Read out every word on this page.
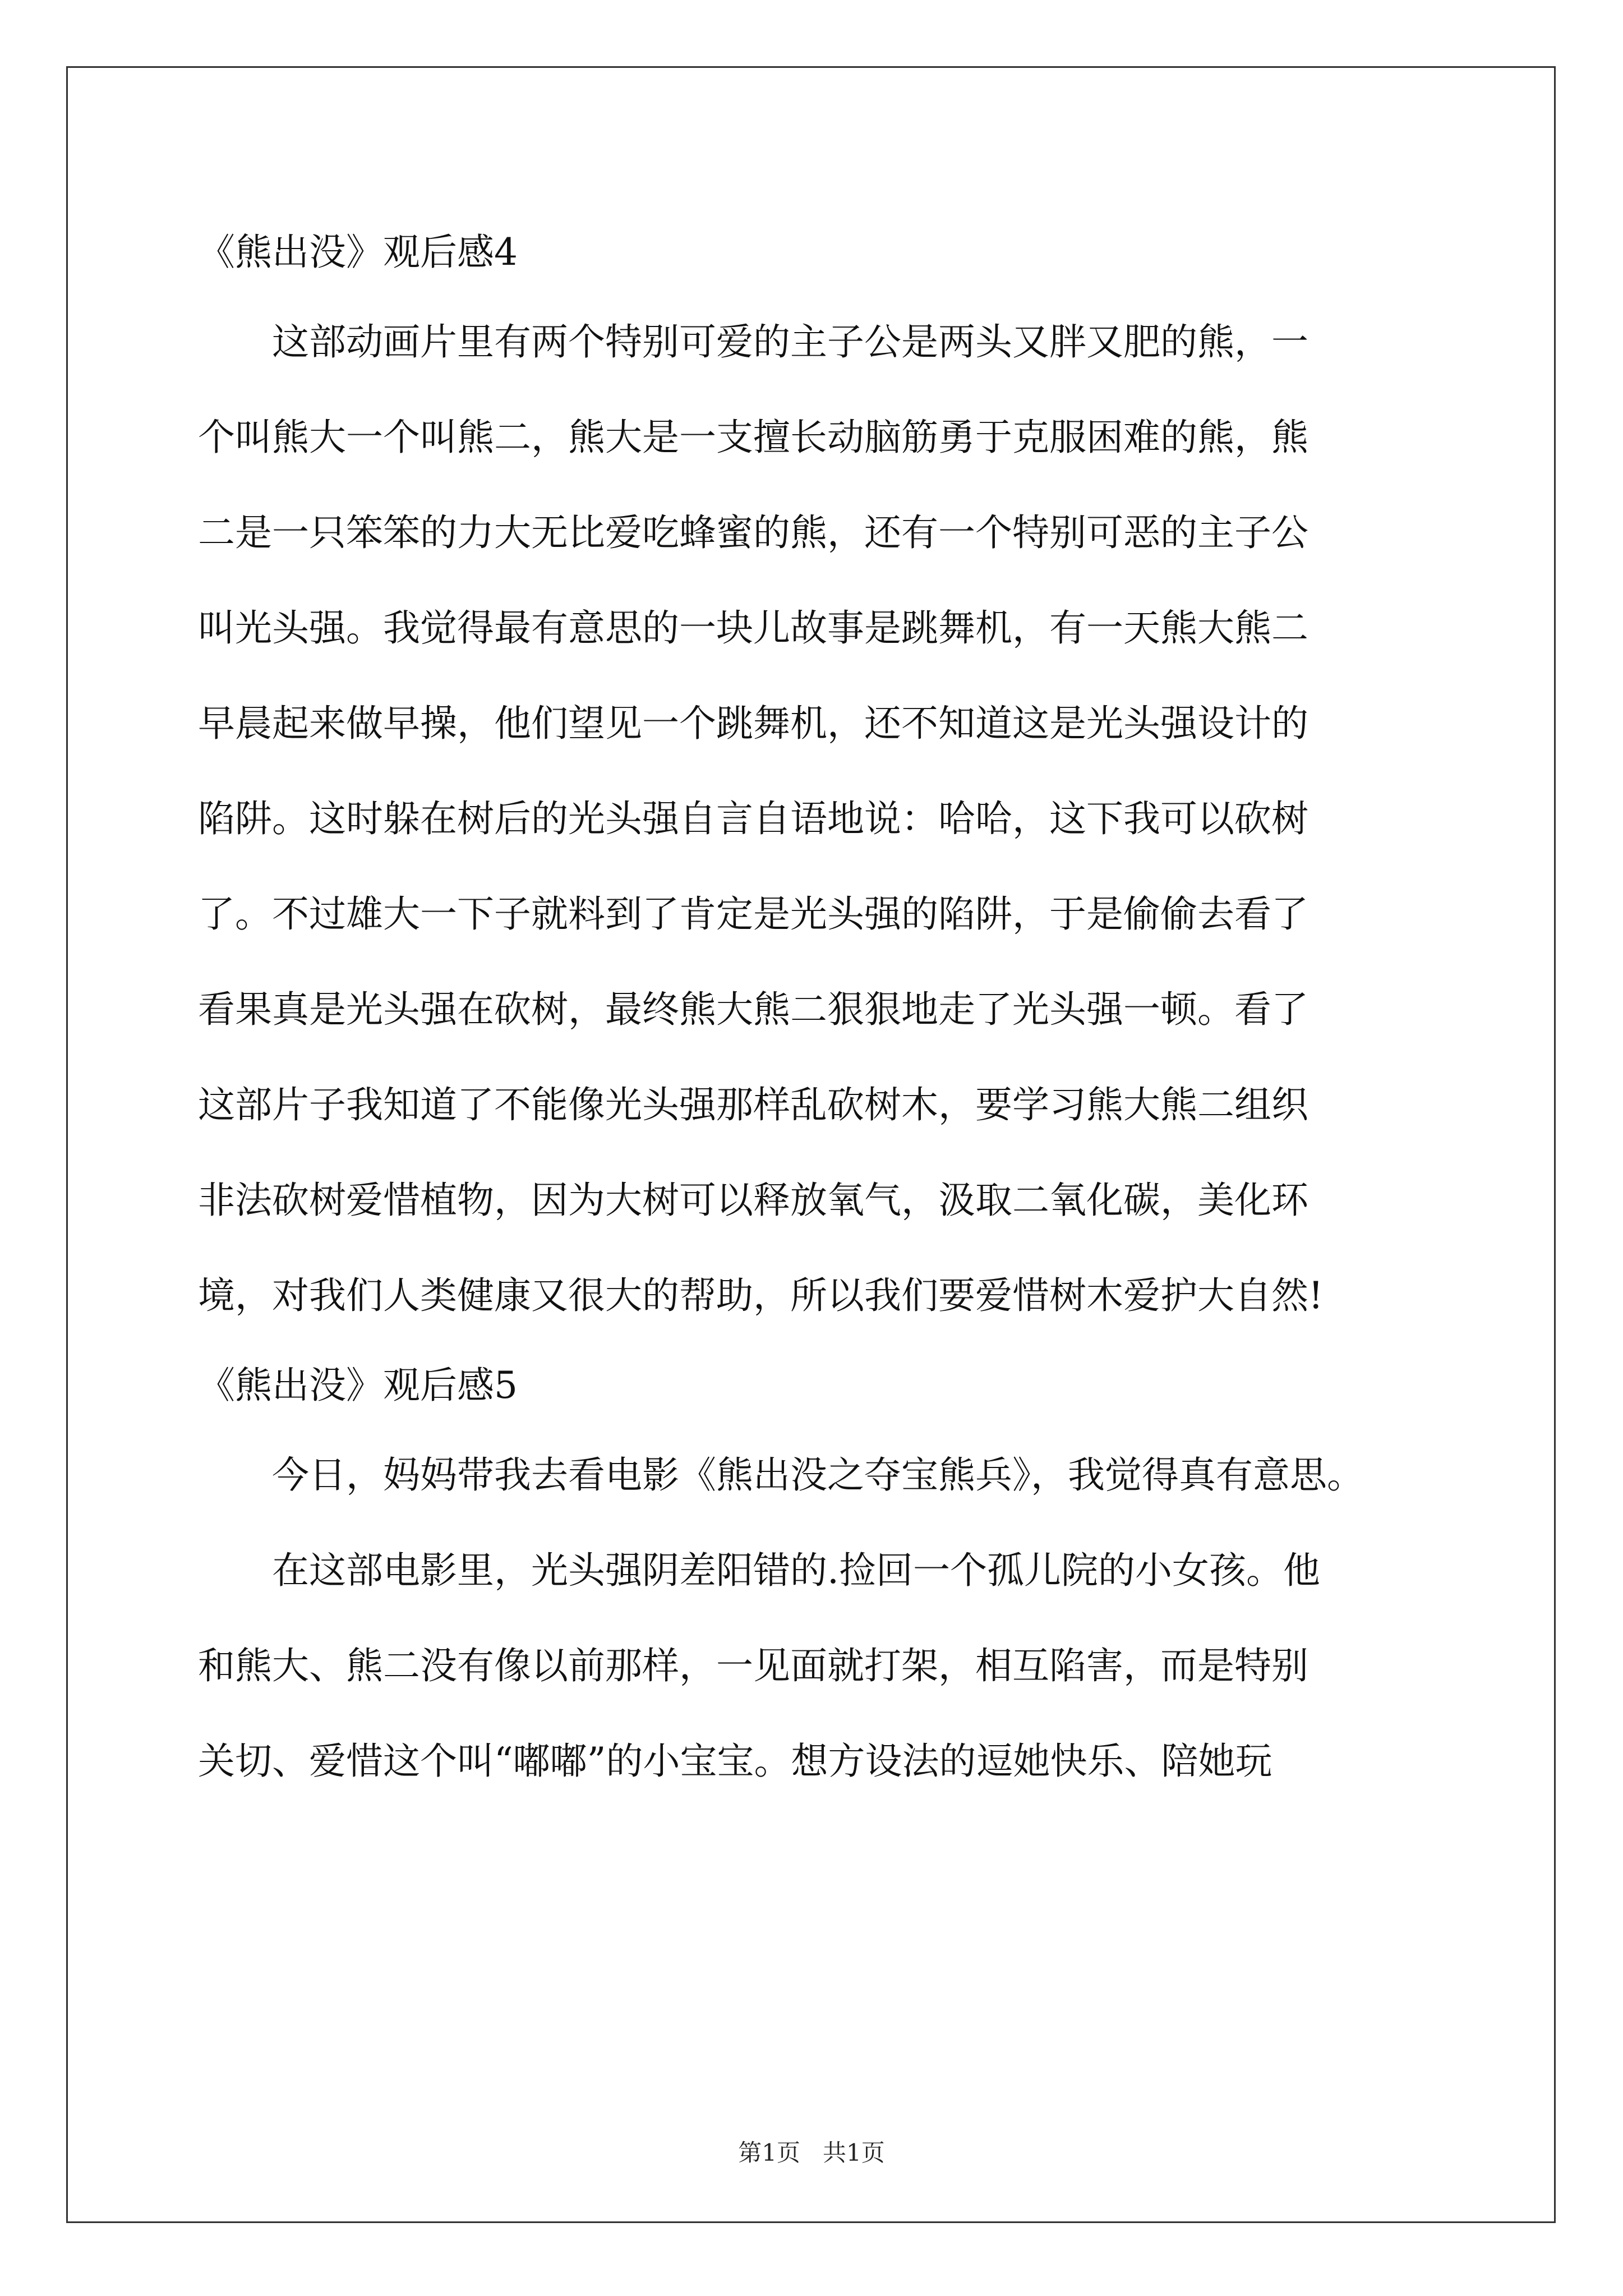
《熊出没》观后感4
这部动画片里有两个特别可爱的主子公是两头又胖又肥的熊，一
个叫熊大一个叫熊二，熊大是一支擅长动脑筋勇于克服困难的熊，熊
二是一只笨笨的力大无比爱吃蜂蜜的熊，还有一个特别可恶的主子公
叫光头强。我觉得最有意思的一块儿故事是跳舞机，有一天熊大熊二
早晨起来做早操，他们望见一个跳舞机，还不知道这是光头强设计的
陷阱。这时躲在树后的光头强自言自语地说：哈哈，这下我可以砍树
了。不过雄大一下子就料到了肯定是光头强的陷阱，于是偷偷去看了
看果真是光头强在砍树，最终熊大熊二狠狠地走了光头强一顿。看了
这部片子我知道了不能像光头强那样乱砍树木，要学习熊大熊二组织
非法砍树爱惜植物，因为大树可以释放氧气，汲取二氧化碳，美化环
境，对我们人类健康又很大的帮助，所以我们要爱惜树木爱护大自然!
《熊出没》观后感5
今日，妈妈带我去看电影《熊出没之夺宝熊兵》，我觉得真有意思。
在这部电影里，光头强阴差阳错的.捡回一个孤儿院的小女孩。他
和熊大、熊二没有像以前那样，一见面就打架，相互陷害，而是特别
关切、爱惜这个叫“嘟嘟”的小宝宝。想方设法的逗她快乐、陪她玩
第1页 共1页
